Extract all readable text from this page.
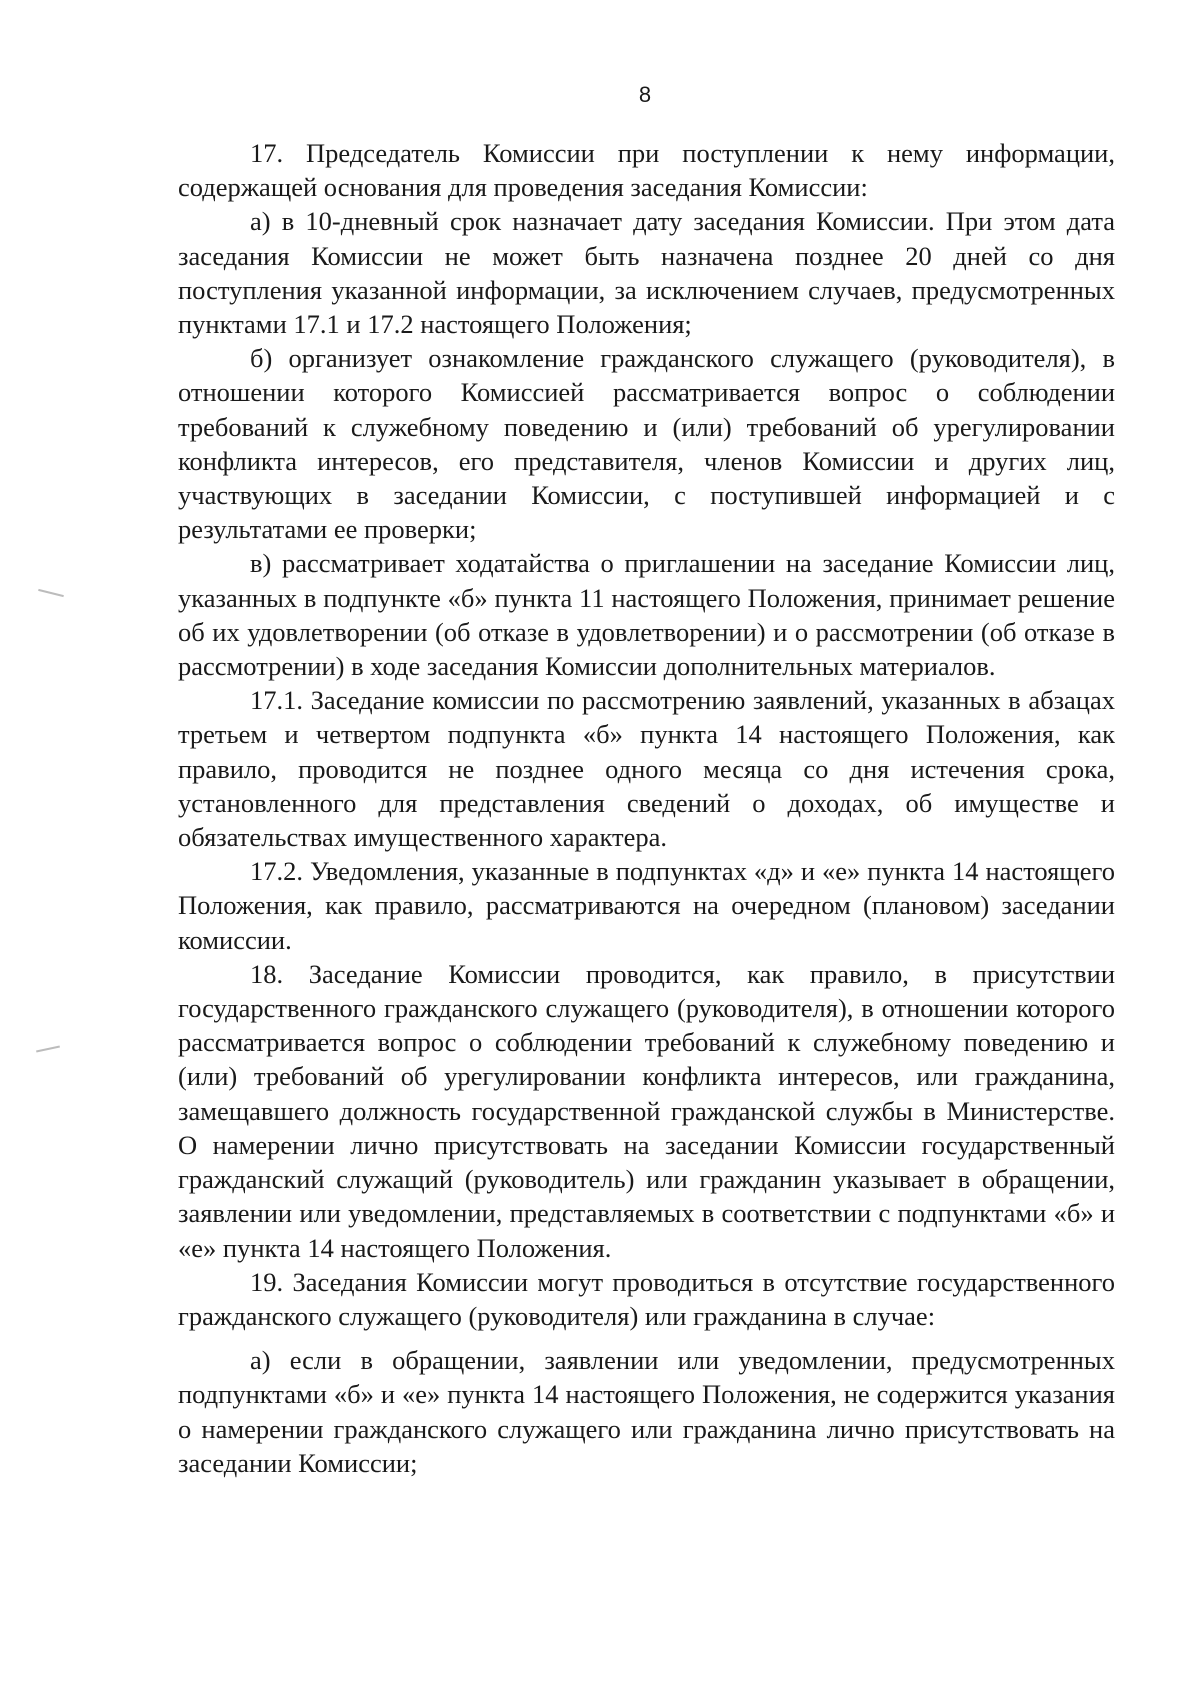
8

17. Председатель Комиссии при поступлении к нему информации, содержащей основания для проведения заседания Комиссии:

а) в 10-дневный срок назначает дату заседания Комиссии. При этом дата заседания Комиссии не может быть назначена позднее 20 дней со дня поступления указанной информации, за исключением случаев, предусмотренных пунктами 17.1 и 17.2 настоящего Положения;

б) организует ознакомление гражданского служащего (руководителя), в отношении которого Комиссией рассматривается вопрос о соблюдении требований к служебному поведению и (или) требований об урегулировании конфликта интересов, его представителя, членов Комиссии и других лиц, участвующих в заседании Комиссии, с поступившей информацией и с результатами ее проверки;

в) рассматривает ходатайства о приглашении на заседание Комиссии лиц, указанных в подпункте «б» пункта 11 настоящего Положения, принимает решение об их удовлетворении (об отказе в удовлетворении) и о рассмотрении (об отказе в рассмотрении) в ходе заседания Комиссии дополнительных материалов.

17.1. Заседание комиссии по рассмотрению заявлений, указанных в абзацах третьем и четвертом подпункта «б» пункта 14 настоящего Положения, как правило, проводится не позднее одного месяца со дня истечения срока, установленного для представления сведений о доходах, об имуществе и обязательствах имущественного характера.

17.2. Уведомления, указанные в подпунктах «д» и «е» пункта 14 настоящего Положения, как правило, рассматриваются на очередном (плановом) заседании комиссии.

18. Заседание Комиссии проводится, как правило, в присутствии государственного гражданского служащего (руководителя), в отношении которого рассматривается вопрос о соблюдении требований к служебному поведению и (или) требований об урегулировании конфликта интересов, или гражданина, замещавшего должность государственной гражданской службы в Министерстве. О намерении лично присутствовать на заседании Комиссии государственный гражданский служащий (руководитель) или гражданин указывает в обращении, заявлении или уведомлении, представляемых в соответствии с подпунктами «б» и «е» пункта 14 настоящего Положения.

19. Заседания Комиссии могут проводиться в отсутствие государственного гражданского служащего (руководителя) или гражданина в случае:

а) если в обращении, заявлении или уведомлении, предусмотренных подпунктами «б» и «е» пункта 14 настоящего Положения, не содержится указания о намерении гражданского служащего или гражданина лично присутствовать на заседании Комиссии;
